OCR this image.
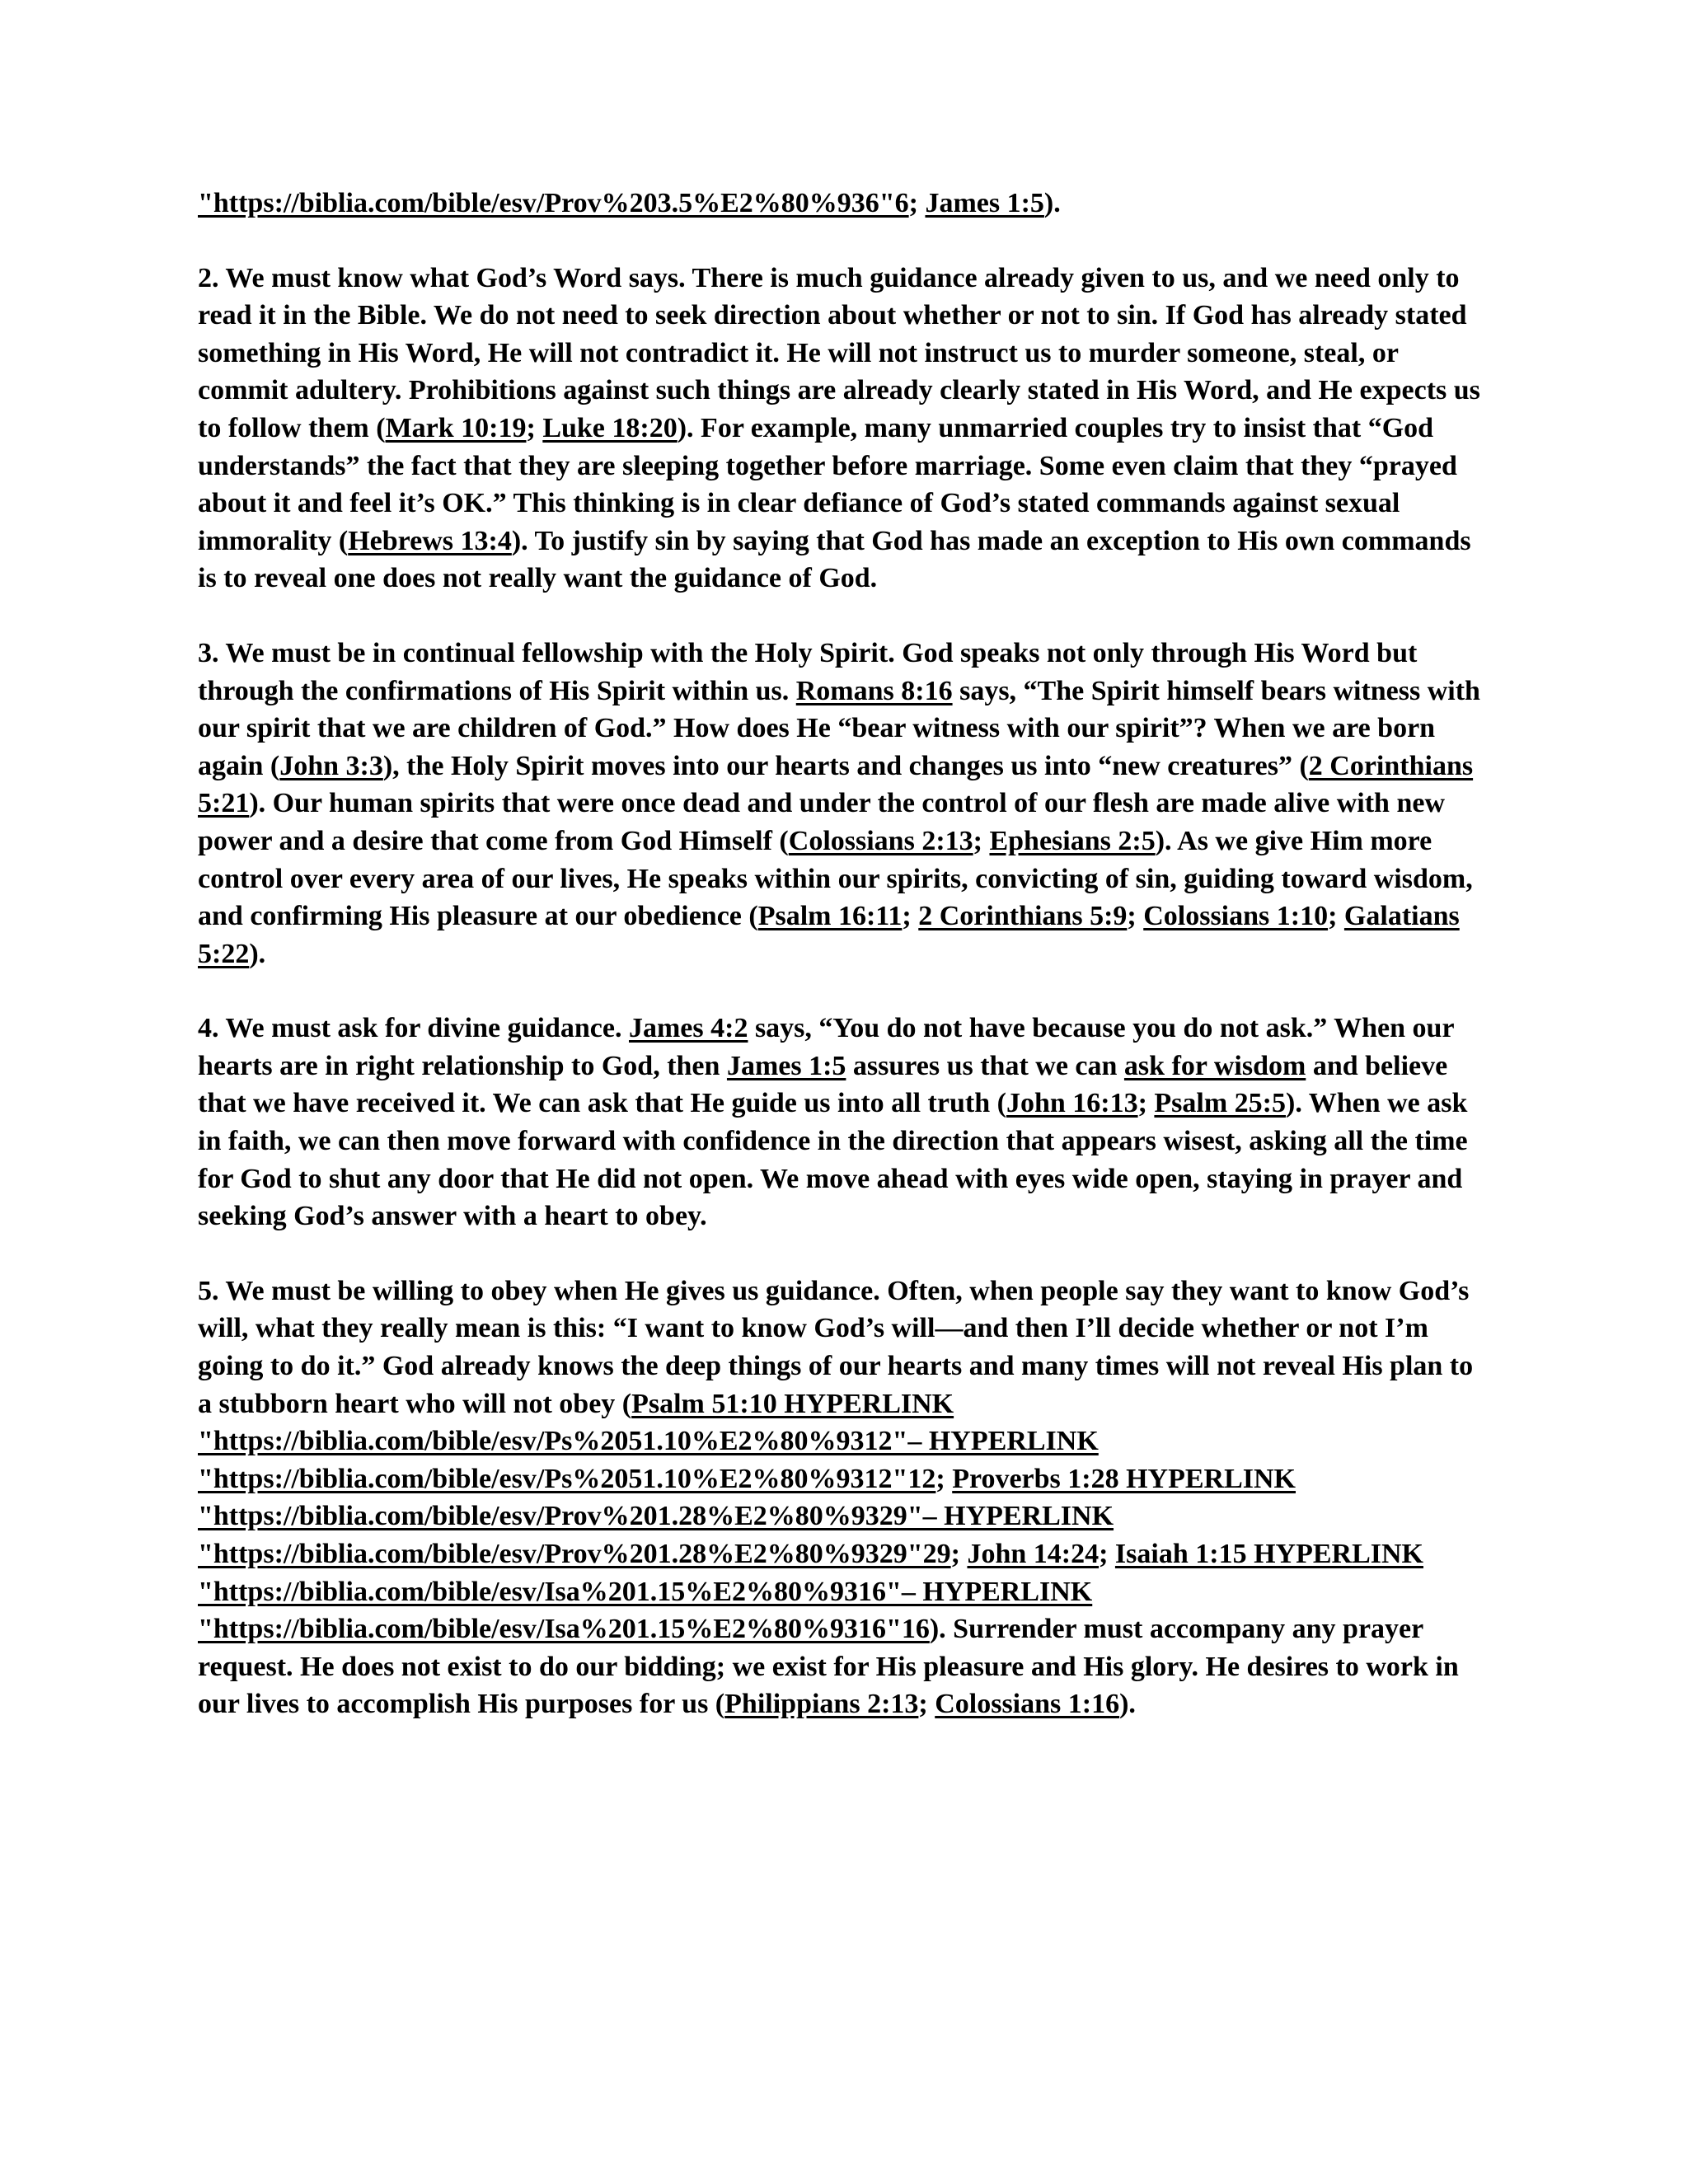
"https://biblia.com/bible/esv/Prov%203.5%E2%80%936"6; James 1:5).

2. We must know what God’s Word says. There is much guidance already given to us, and we need only to read it in the Bible. We do not need to seek direction about whether or not to sin. If God has already stated something in His Word, He will not contradict it. He will not instruct us to murder someone, steal, or commit adultery. Prohibitions against such things are already clearly stated in His Word, and He expects us to follow them (Mark 10:19; Luke 18:20). For example, many unmarried couples try to insist that “God understands” the fact that they are sleeping together before marriage. Some even claim that they “prayed about it and feel it’s OK.” This thinking is in clear defiance of God’s stated commands against sexual immorality (Hebrews 13:4). To justify sin by saying that God has made an exception to His own commands is to reveal one does not really want the guidance of God.

3. We must be in continual fellowship with the Holy Spirit. God speaks not only through His Word but through the confirmations of His Spirit within us. Romans 8:16 says, “The Spirit himself bears witness with our spirit that we are children of God.” How does He “bear witness with our spirit”? When we are born again (John 3:3), the Holy Spirit moves into our hearts and changes us into “new creatures” (2 Corinthians 5:21). Our human spirits that were once dead and under the control of our flesh are made alive with new power and a desire that come from God Himself (Colossians 2:13; Ephesians 2:5). As we give Him more control over every area of our lives, He speaks within our spirits, convicting of sin, guiding toward wisdom, and confirming His pleasure at our obedience (Psalm 16:11; 2 Corinthians 5:9; Colossians 1:10; Galatians 5:22).

4. We must ask for divine guidance. James 4:2 says, “You do not have because you do not ask.” When our hearts are in right relationship to God, then James 1:5 assures us that we can ask for wisdom and believe that we have received it. We can ask that He guide us into all truth (John 16:13; Psalm 25:5). When we ask in faith, we can then move forward with confidence in the direction that appears wisest, asking all the time for God to shut any door that He did not open. We move ahead with eyes wide open, staying in prayer and seeking God’s answer with a heart to obey.

5. We must be willing to obey when He gives us guidance. Often, when people say they want to know God’s will, what they really mean is this: “I want to know God’s will—and then I’ll decide whether or not I’m going to do it.” God already knows the deep things of our hearts and many times will not reveal His plan to a stubborn heart who will not obey (Psalm 51:10 HYPERLINK "https://biblia.com/bible/esv/Ps%2051.10%E2%80%9312"– HYPERLINK "https://biblia.com/bible/esv/Ps%2051.10%E2%80%9312"12; Proverbs 1:28 HYPERLINK "https://biblia.com/bible/esv/Prov%201.28%E2%80%9329"– HYPERLINK "https://biblia.com/bible/esv/Prov%201.28%E2%80%9329"29; John 14:24; Isaiah 1:15 HYPERLINK "https://biblia.com/bible/esv/Isa%201.15%E2%80%9316"– HYPERLINK "https://biblia.com/bible/esv/Isa%201.15%E2%80%9316"16). Surrender must accompany any prayer request. He does not exist to do our bidding; we exist for His pleasure and His glory. He desires to work in our lives to accomplish His purposes for us (Philippians 2:13; Colossians 1:16).
